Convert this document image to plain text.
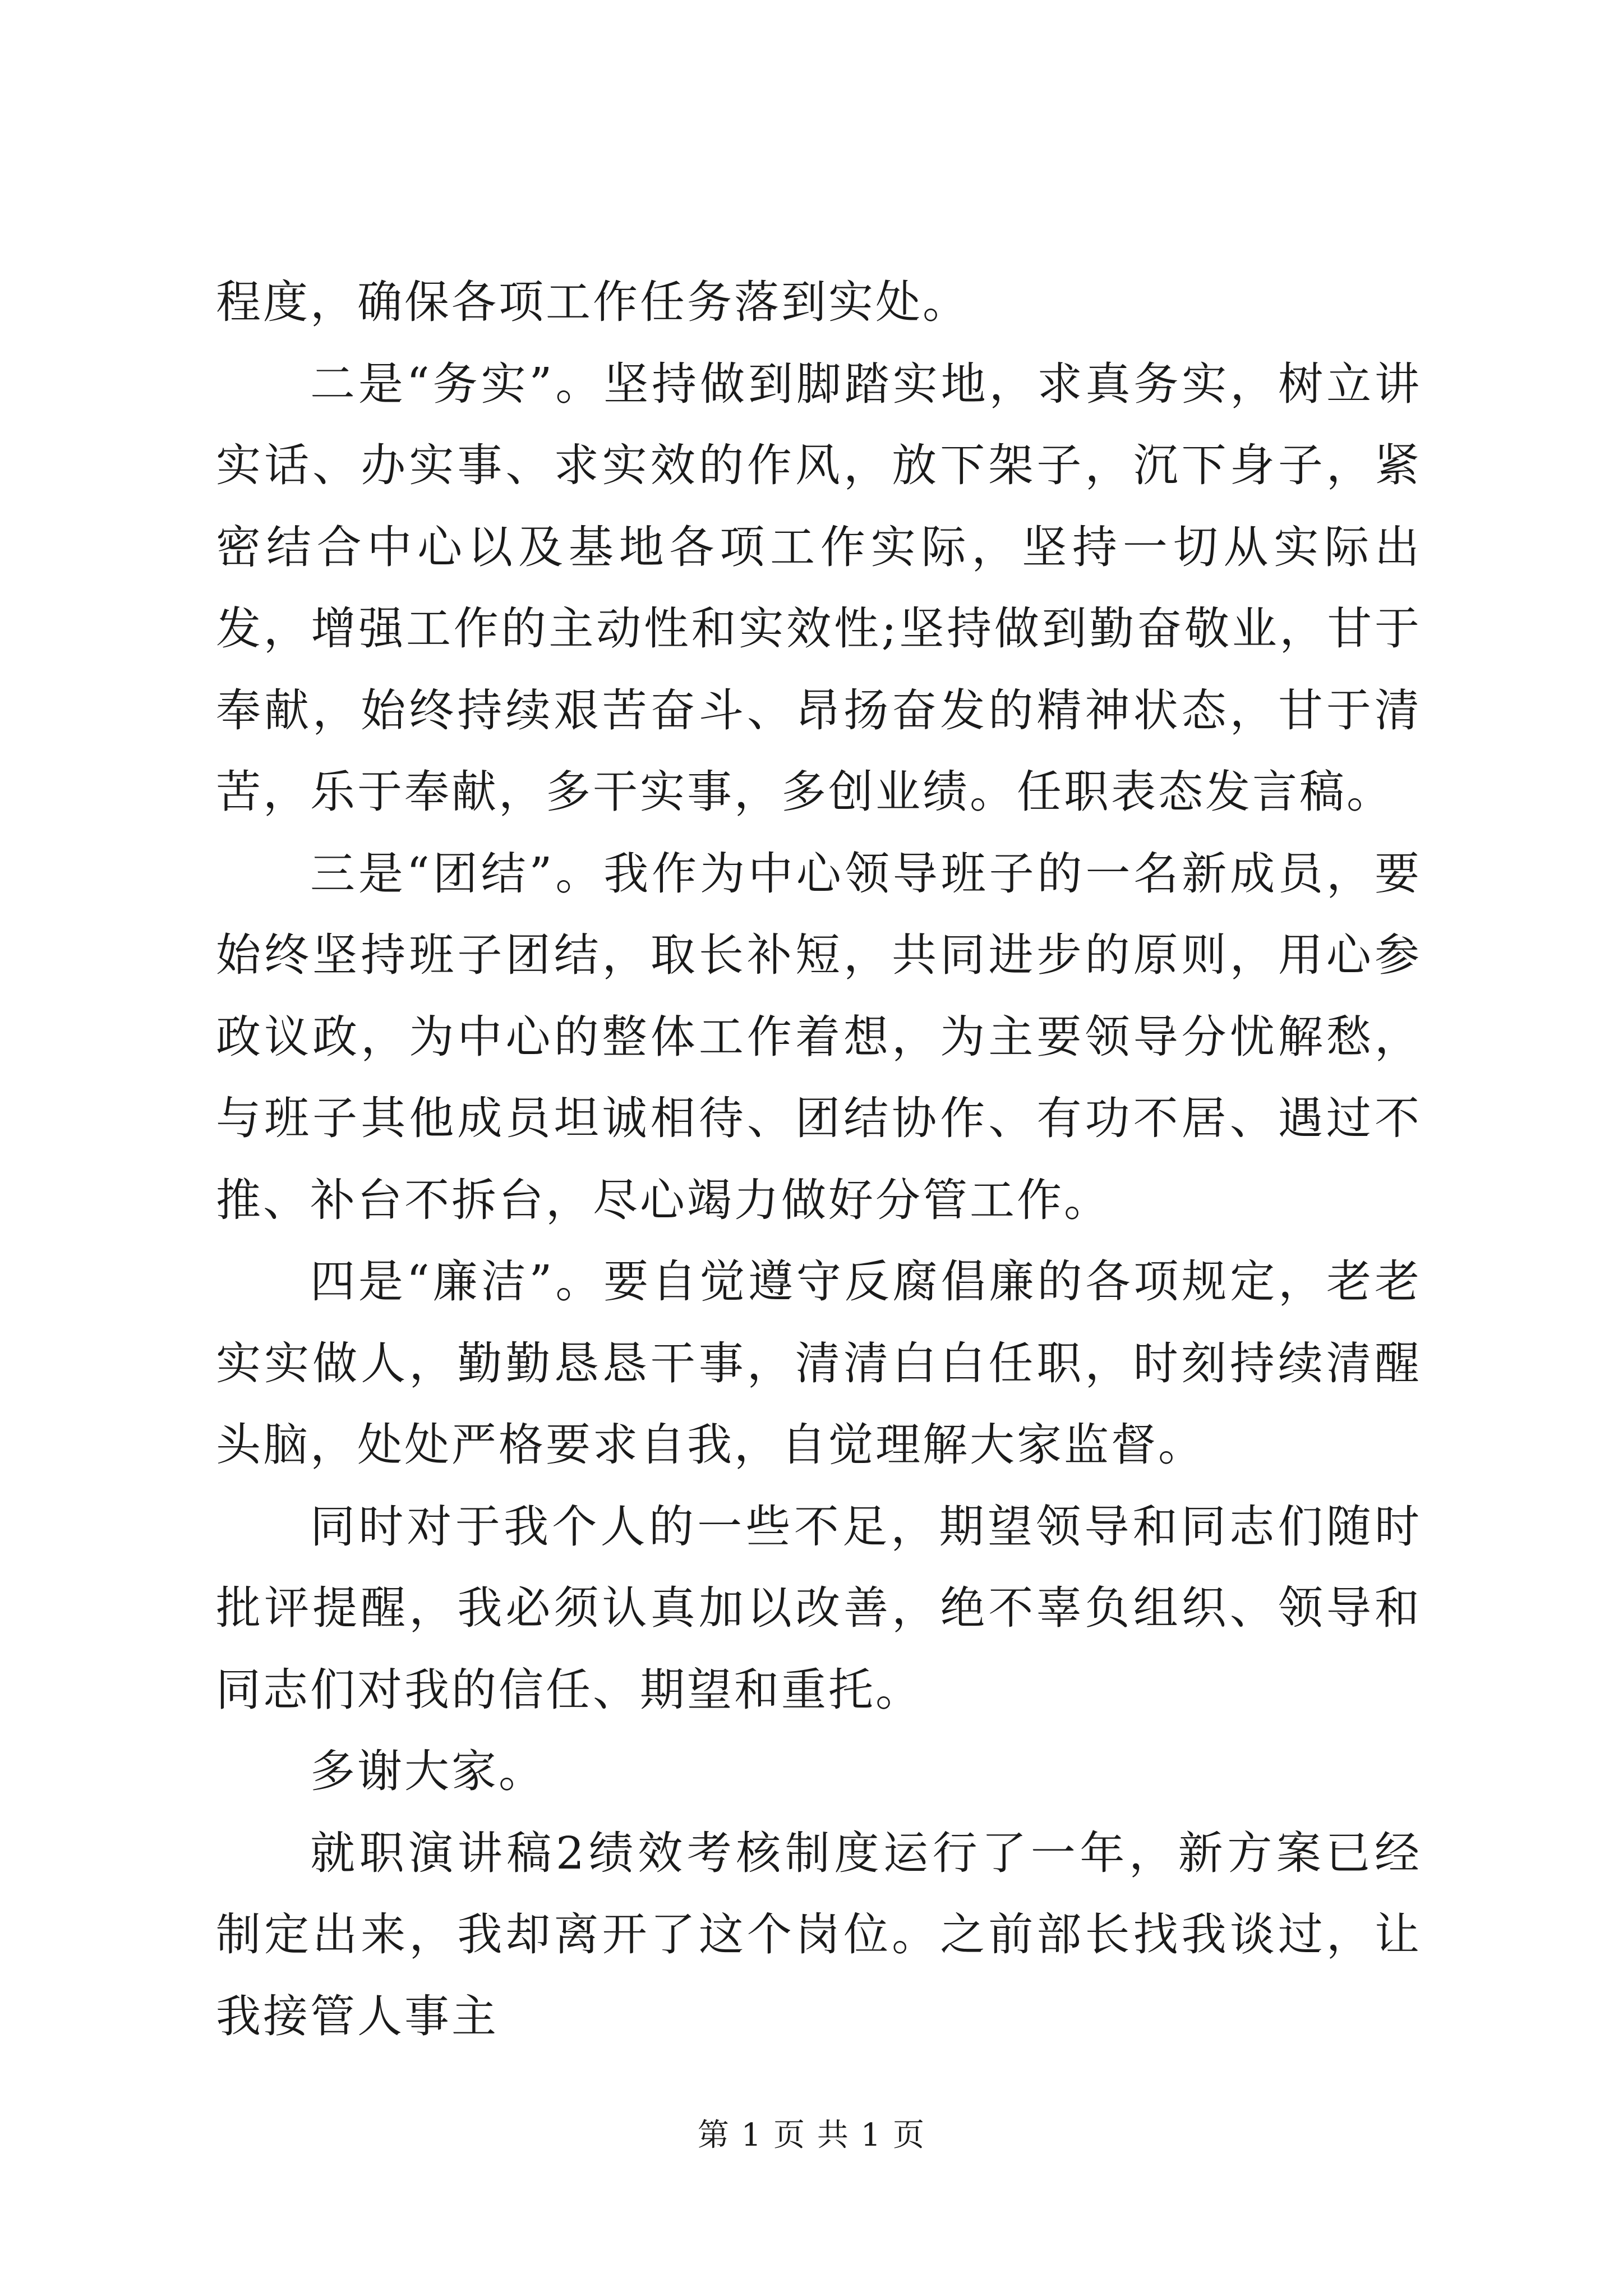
程度，确保各项工作任务落到实处。

二是“务实”。坚持做到脚踏实地，求真务实，树立讲实话、办实事、求实效的作风，放下架子，沉下身子，紧密结合中心以及基地各项工作实际，坚持一切从实际出发，增强工作的主动性和实效性;坚持做到勤奋敬业，甘于奉献，始终持续艰苦奋斗、昂扬奋发的精神状态，甘于清苦，乐于奉献，多干实事，多创业绩。任职表态发言稿。

三是“团结”。我作为中心领导班子的一名新成员，要始终坚持班子团结，取长补短，共同进步的原则，用心参政议政，为中心的整体工作着想，为主要领导分忧解愁，与班子其他成员坦诚相待、团结协作、有功不居、遇过不推、补台不拆台，尽心竭力做好分管工作。

四是“廉洁”。要自觉遵守反腐倡廉的各项规定，老老实实做人，勤勤恳恳干事，清清白白任职，时刻持续清醒头脑，处处严格要求自我，自觉理解大家监督。

同时对于我个人的一些不足，期望领导和同志们随时批评提醒，我必须认真加以改善，绝不辜负组织、领导和同志们对我的信任、期望和重托。

多谢大家。

就职演讲稿2绩效考核制度运行了一年，新方案已经制定出来，我却离开了这个岗位。之前部长找我谈过，让我接管人事主

第 1 页 共 1 页
